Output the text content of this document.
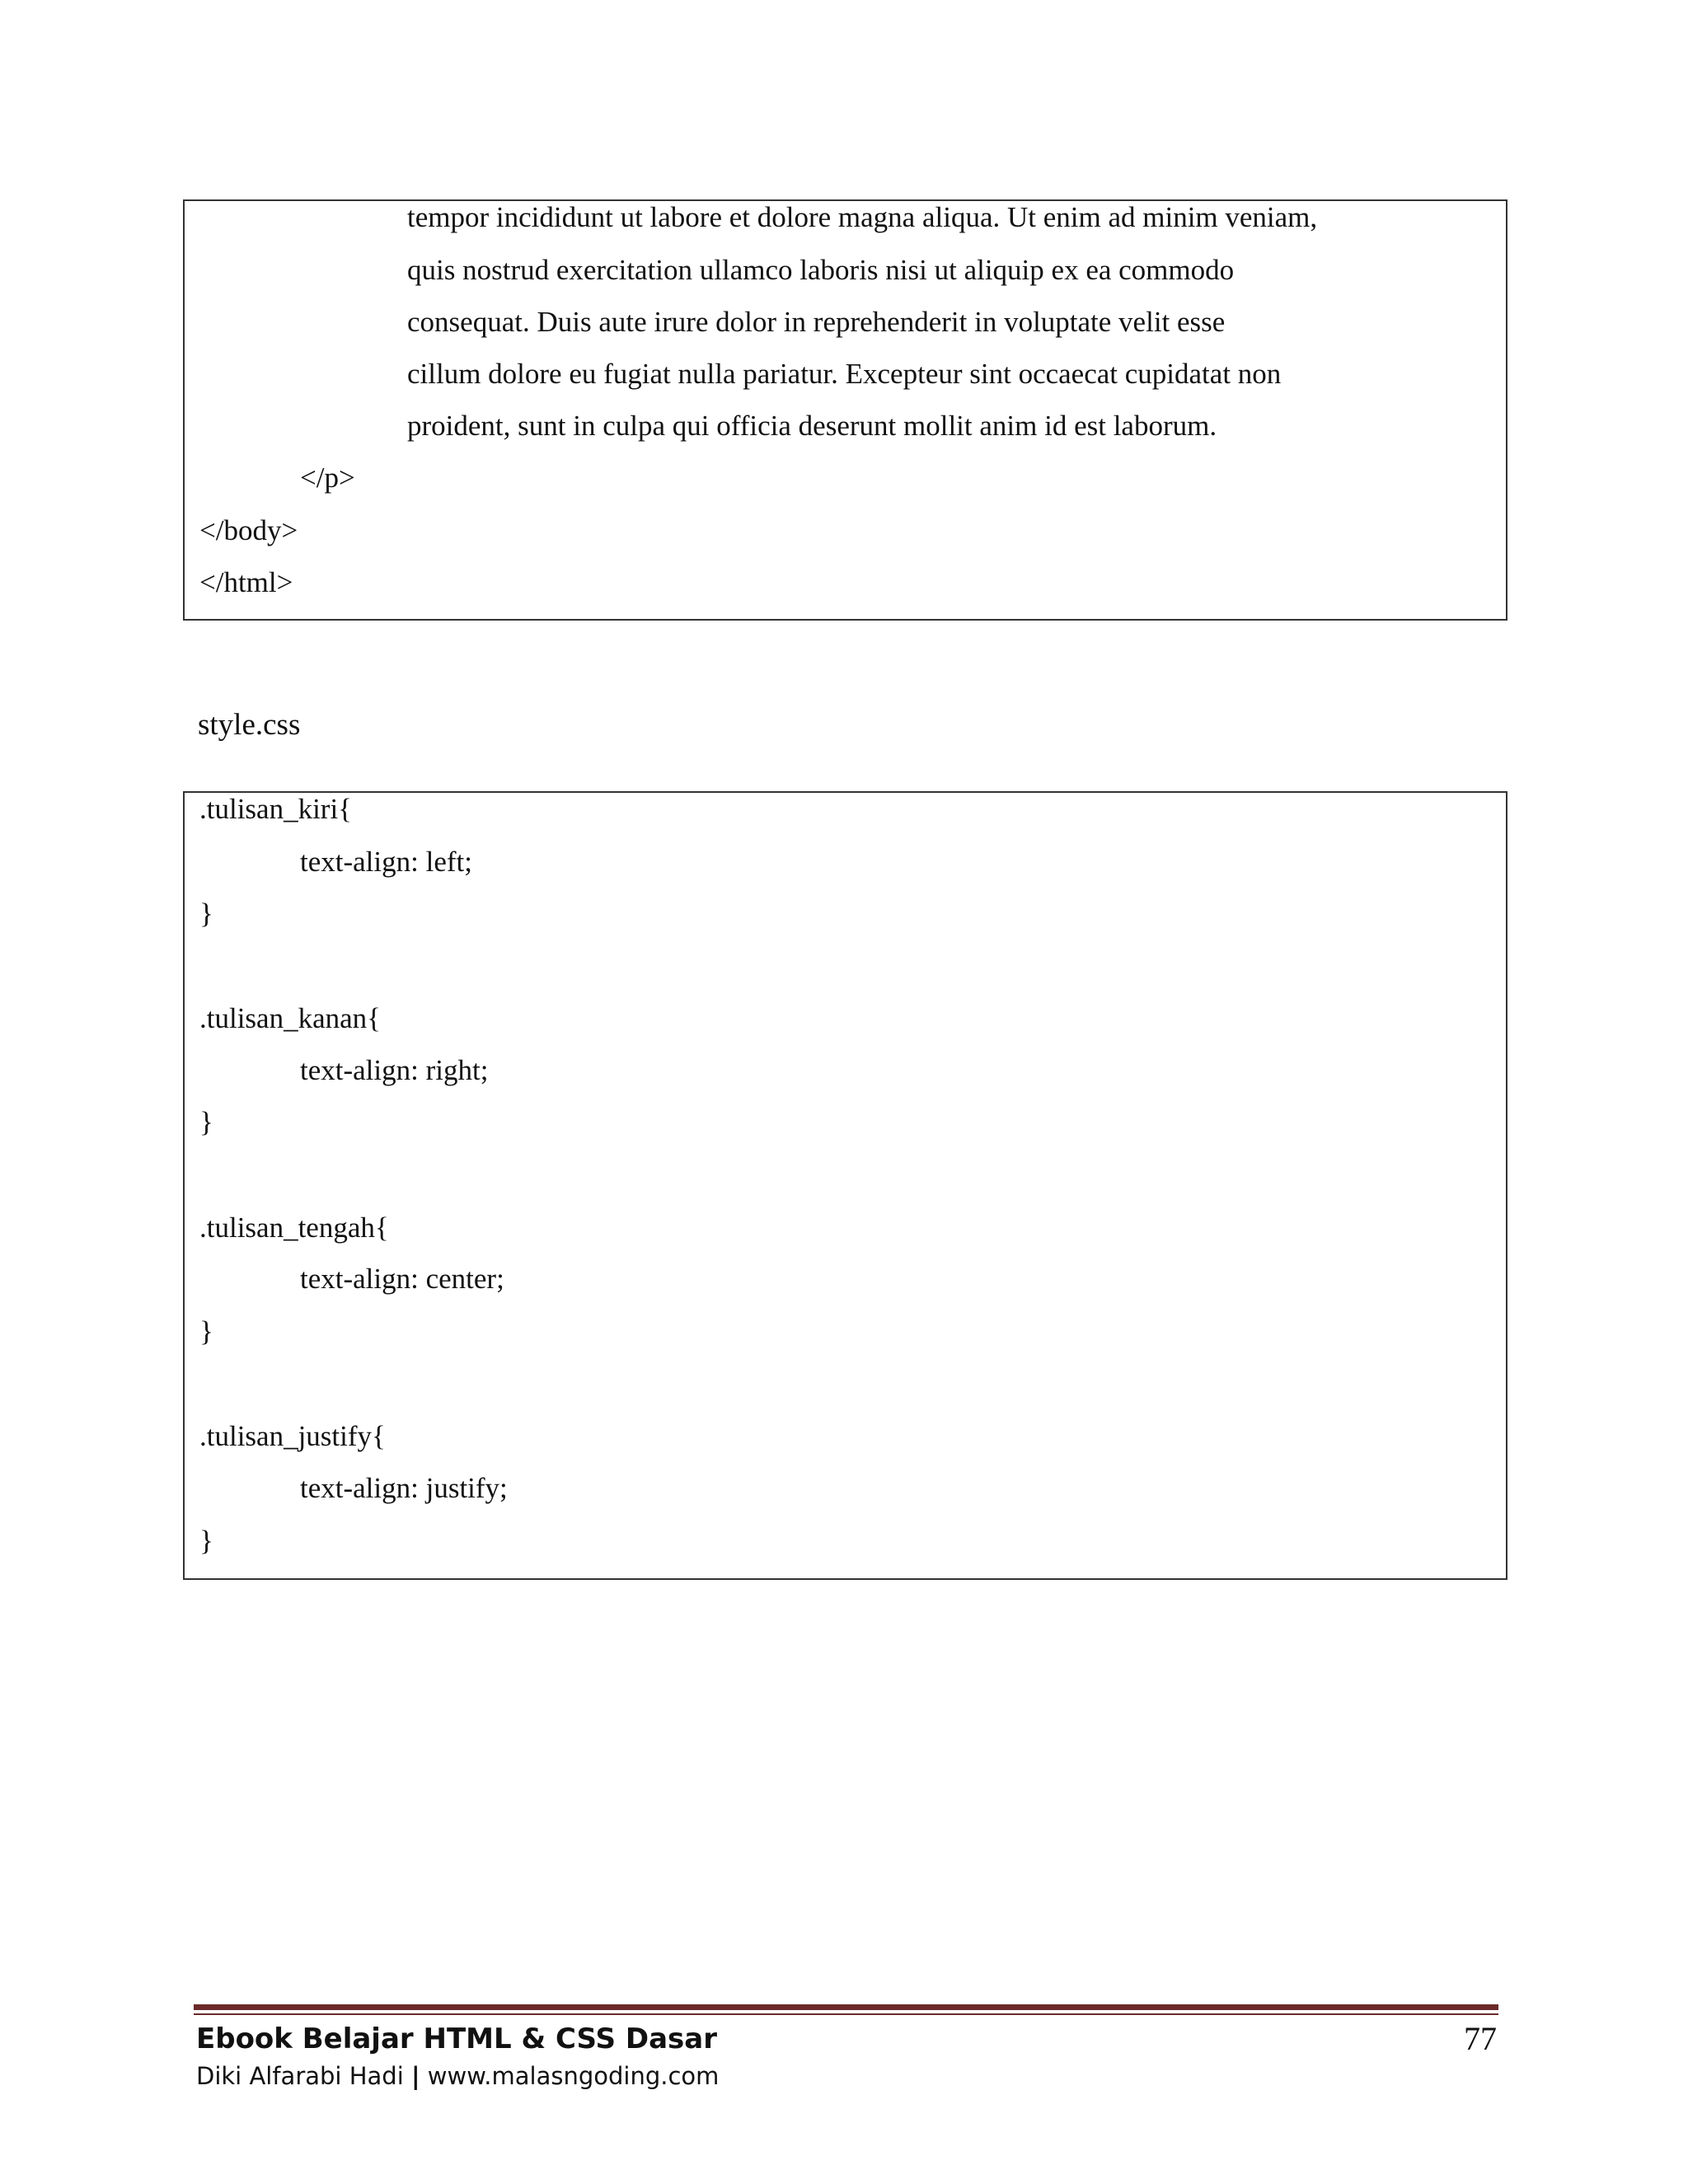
tempor incididunt ut labore et dolore magna aliqua. Ut enim ad minim veniam,
quis nostrud exercitation ullamco laboris nisi ut aliquip ex ea commodo
consequat. Duis aute irure dolor in reprehenderit in voluptate velit esse
cillum dolore eu fugiat nulla pariatur. Excepteur sint occaecat cupidatat non
proident, sunt in culpa qui officia deserunt mollit anim id est laborum.
</p>
</body>
</html>
style.css
.tulisan_kiri{
text-align: left;
}
.tulisan_kanan{
text-align: right;
}
.tulisan_tengah{
text-align: center;
}
.tulisan_justify{
text-align: justify;
}
Ebook Belajar HTML & CSS Dasar
Diki Alfarabi Hadi | www.malasngoding.com
77
